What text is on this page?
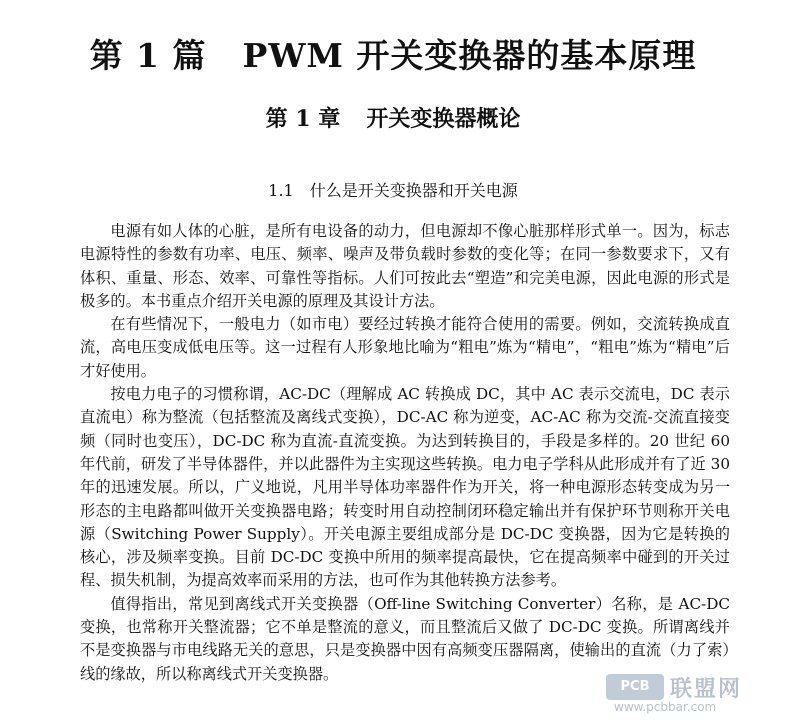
第 1 篇 PWM 开关变换器的基本原理
第 1 章 开关变换器概论
1.1 什么是开关变换器和开关电源

电源有如人体的心脏，是所有电设备的动力，但电源却不像心脏那样形式单一。因为，标志电源特性的参数有功率、电压、频率、噪声及带负载时参数的变化等；在同一参数要求下，又有体积、重量、形态、效率、可靠性等指标。人们可按此去“塑造”和完美电源，因此电源的形式是极多的。本书重点介绍开关电源的原理及其设计方法。

在有些情况下，一般电力（如市电）要经过转换才能符合使用的需要。例如，交流转换成直流，高电压变成低电压等。这一过程有人形象地比喻为“粗电”炼为“精电”，“粗电”炼为“精电”后才好使用。

按电力电子的习惯称谓，AC-DC（理解成 AC 转换成 DC，其中 AC 表示交流电，DC 表示直流电）称为整流（包括整流及离线式变换），DC-AC 称为逆变，AC-AC 称为交流-交流直接变频（同时也变压），DC-DC 称为直流-直流变换。为达到转换目的，手段是多样的。20 世纪 60 年代前，研发了半导体器件，并以此器件为主实现这些转换。电力电子学科从此形成并有了近 30 年的迅速发展。所以，广义地说，凡用半导体功率器件作为开关，将一种电源形态转变成为另一形态的主电路都叫做开关变换器电路；转变时用自动控制闭环稳定输出并有保护环节则称开关电源（Switching Power Supply）。开关电源主要组成部分是 DC-DC 变换器，因为它是转换的核心，涉及频率变换。目前 DC-DC 变换中所用的频率提高最快，它在提高频率中碰到的开关过程、损失机制，为提高效率而采用的方法，也可作为其他转换方法参考。

值得指出，常见到离线式开关变换器（Off-line Switching Converter）名称，是 AC-DC 变换，也常称开关整流器；它不单是整流的意义，而且整流后又做了 DC-DC 变换。所谓离线并不是变换器与市电线路无关的意思，只是变换器中因有高频变压器隔离，使输出的直流（力了索）线的缘故，所以称离线式开关变换器。

PCB 联盟网
www.pcbbar.com
